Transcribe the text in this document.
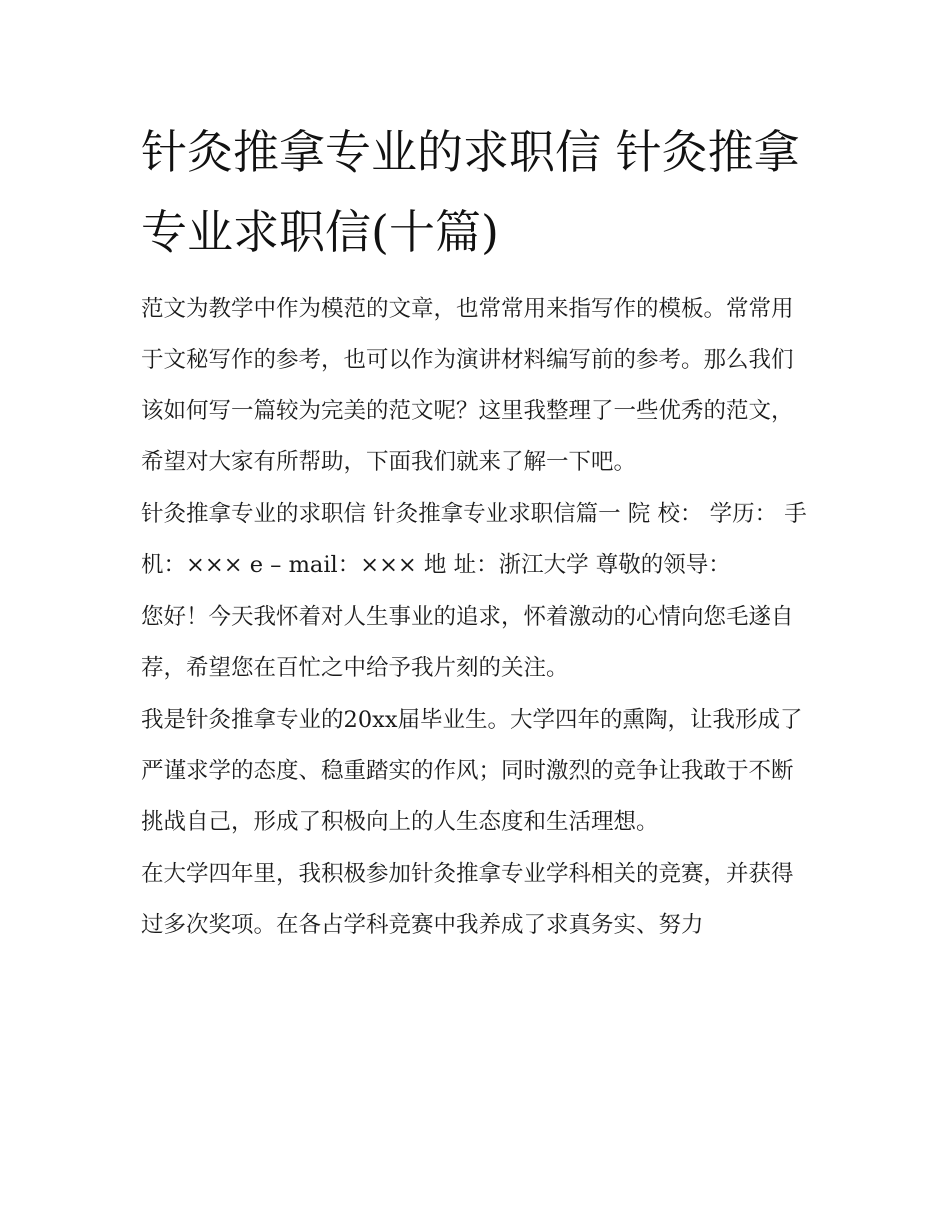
针灸推拿专业的求职信 针灸推拿专业求职信(十篇)

范文为教学中作为模范的文章，也常常用来指写作的模板。常常用于文秘写作的参考，也可以作为演讲材料编写前的参考。那么我们该如何写一篇较为完美的范文呢？这里我整理了一些优秀的范文，希望对大家有所帮助，下面我们就来了解一下吧。

针灸推拿专业的求职信 针灸推拿专业求职信篇一 院 校： 学历： 手 机：××× e – mail：××× 地 址：浙江大学 尊敬的领导：

您好！今天我怀着对人生事业的追求，怀着激动的心情向您毛遂自荐，希望您在百忙之中给予我片刻的关注。

我是针灸推拿专业的20xx届毕业生。大学四年的熏陶，让我形成了严谨求学的态度、稳重踏实的作风；同时激烈的竞争让我敢于不断挑战自己，形成了积极向上的人生态度和生活理想。

在大学四年里，我积极参加针灸推拿专业学科相关的竞赛，并获得过多次奖项。在各占学科竞赛中我养成了求真务实、努力
